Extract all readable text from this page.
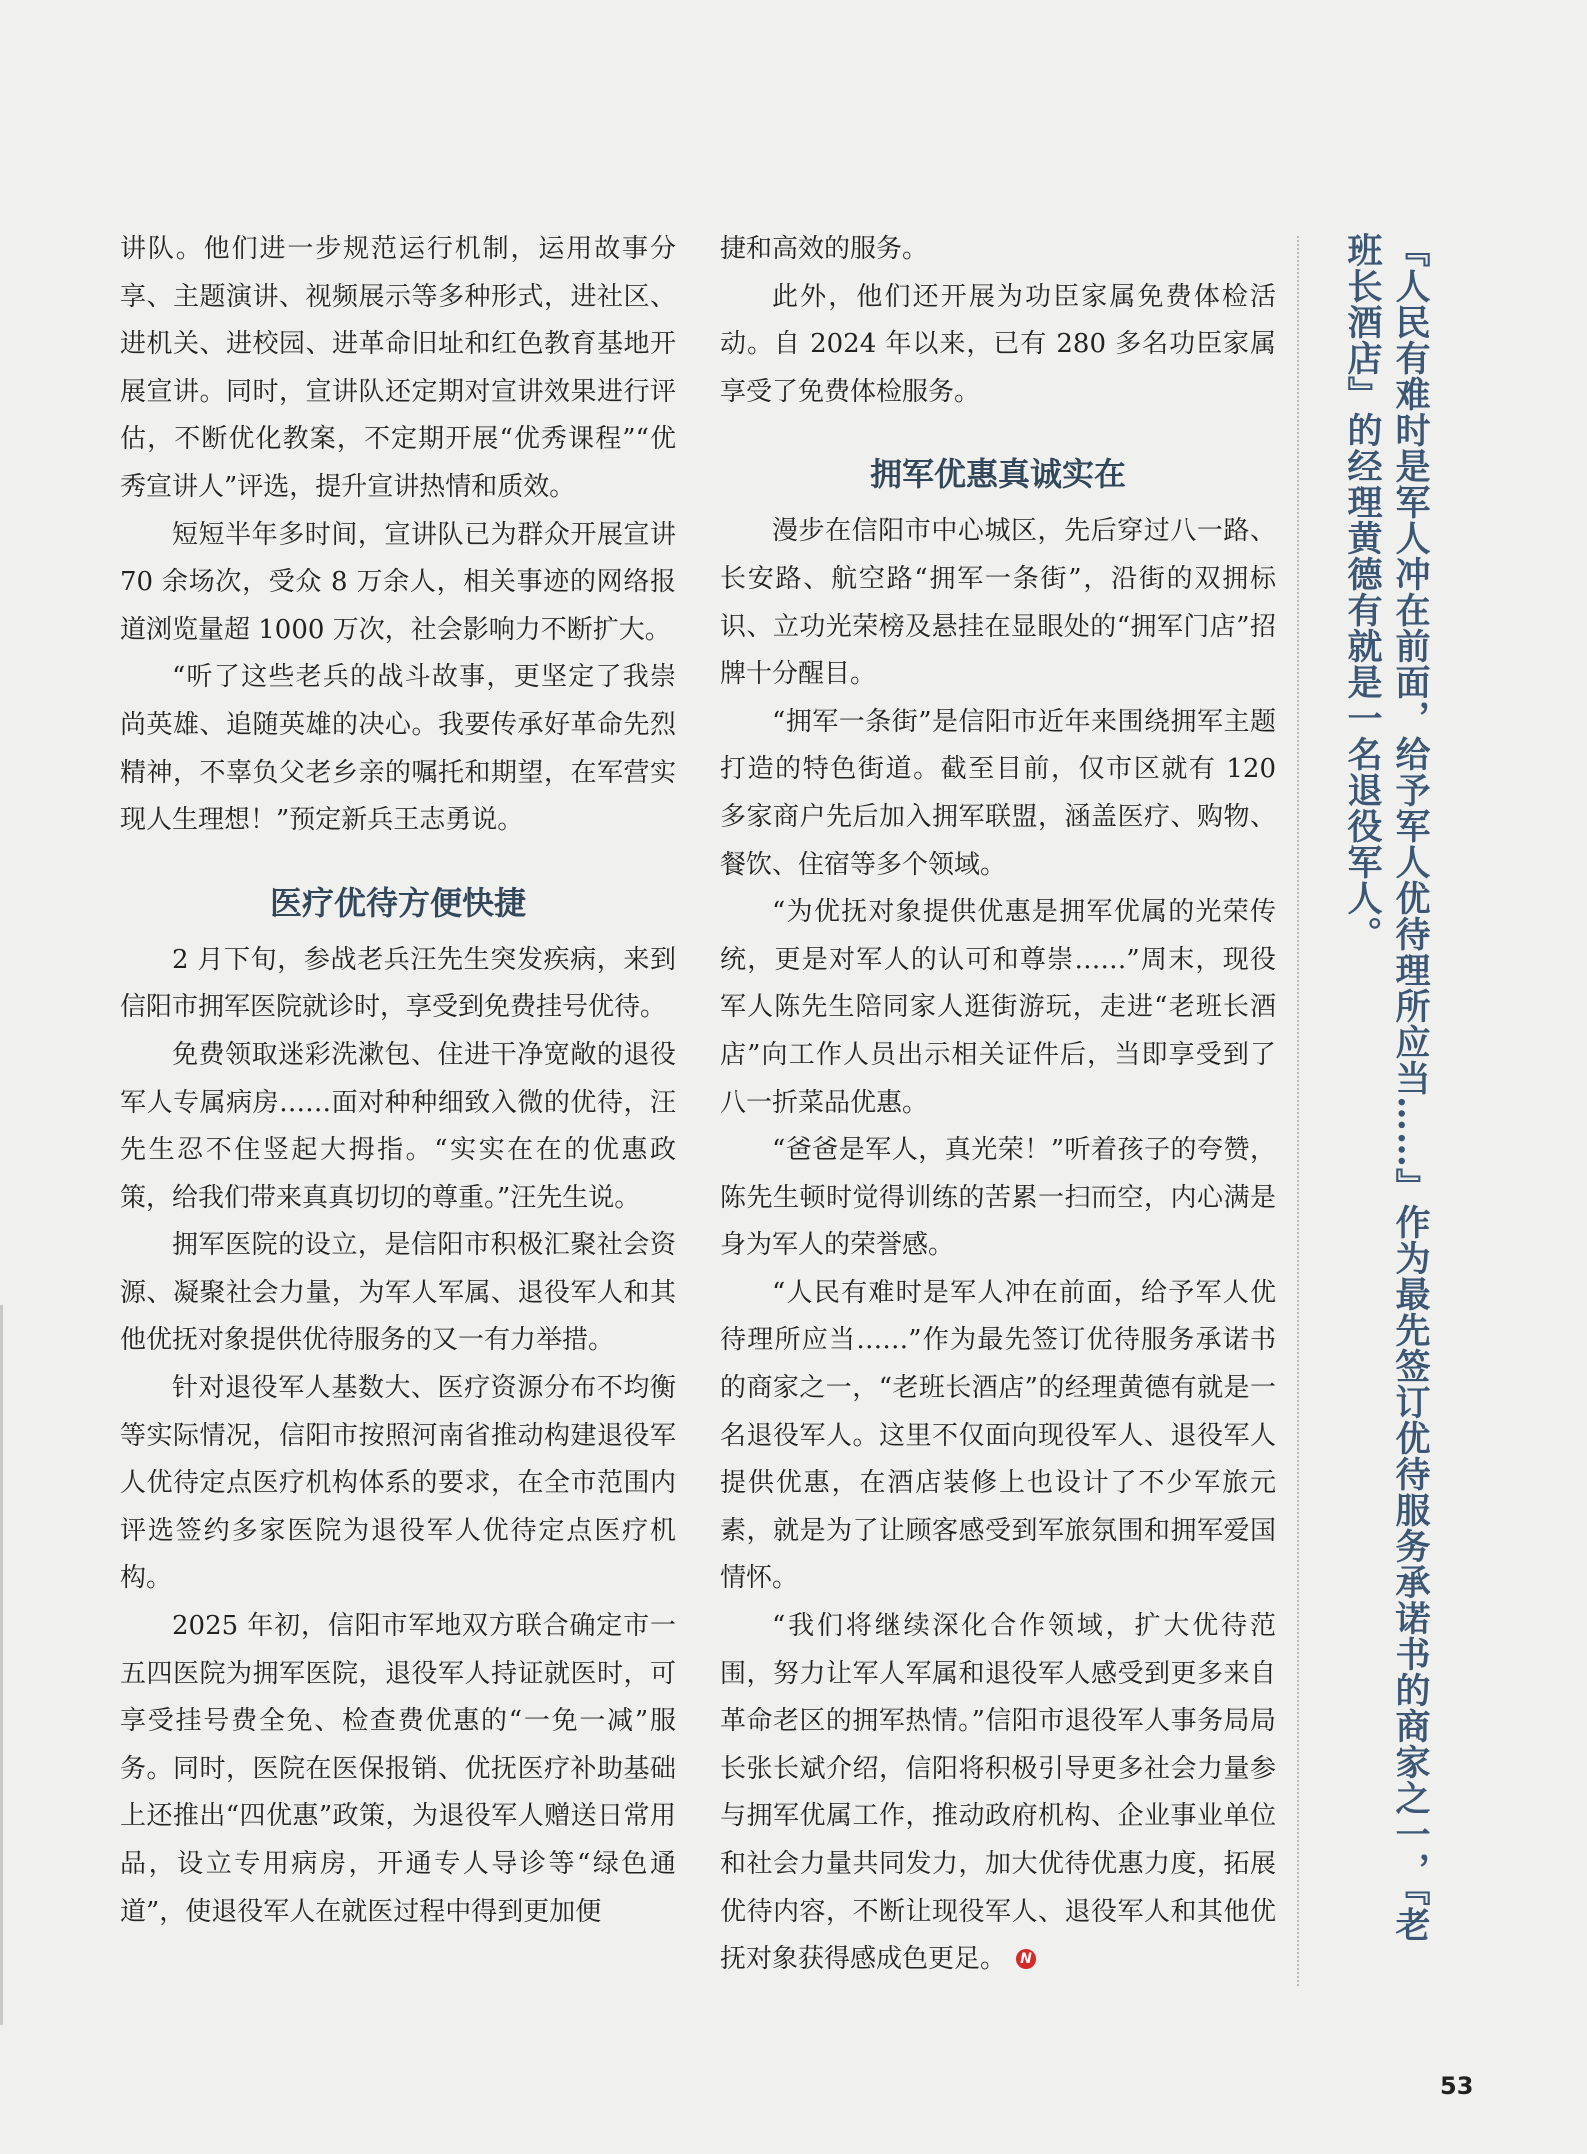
讲队。他们进一步规范运行机制，运用故事分享、主题演讲、视频展示等多种形式，进社区、进机关、进校园、进革命旧址和红色教育基地开展宣讲。同时，宣讲队还定期对宣讲效果进行评估，不断优化教案，不定期开展“优秀课程”“优秀宣讲人”评选，提升宣讲热情和质效。

短短半年多时间，宣讲队已为群众开展宣讲 70 余场次，受众 8 万余人，相关事迹的网络报道浏览量超 1000 万次，社会影响力不断扩大。

“听了这些老兵的战斗故事，更坚定了我崇尚英雄、追随英雄的决心。我要传承好革命先烈精神，不辜负父老乡亲的嘱托和期望，在军营实现人生理想！”预定新兵王志勇说。

医疗优待方便快捷

2 月下旬，参战老兵汪先生突发疾病，来到信阳市拥军医院就诊时，享受到免费挂号优待。

免费领取迷彩洗漱包、住进干净宽敞的退役军人专属病房……面对种种细致入微的优待，汪先生忍不住竖起大拇指。“实实在在的优惠政策，给我们带来真真切切的尊重。”汪先生说。

拥军医院的设立，是信阳市积极汇聚社会资源、凝聚社会力量，为军人军属、退役军人和其他优抚对象提供优待服务的又一有力举措。

针对退役军人基数大、医疗资源分布不均衡等实际情况，信阳市按照河南省推动构建退役军人优待定点医疗机构体系的要求，在全市范围内评选签约多家医院为退役军人优待定点医疗机构。

2025 年初，信阳市军地双方联合确定市一五四医院为拥军医院，退役军人持证就医时，可享受挂号费全免、检查费优惠的“一免一减”服务。同时，医院在医保报销、优抚医疗补助基础上还推出“四优惠”政策，为退役军人赠送日常用品，设立专用病房，开通专人导诊等“绿色通道”，使退役军人在就医过程中得到更加便

捷和高效的服务。

此外，他们还开展为功臣家属免费体检活动。自 2024 年以来，已有 280 多名功臣家属享受了免费体检服务。

拥军优惠真诚实在

漫步在信阳市中心城区，先后穿过八一路、长安路、航空路“拥军一条街”，沿街的双拥标识、立功光荣榜及悬挂在显眼处的“拥军门店”招牌十分醒目。

“拥军一条街”是信阳市近年来围绕拥军主题打造的特色街道。截至目前，仅市区就有 120 多家商户先后加入拥军联盟，涵盖医疗、购物、餐饮、住宿等多个领域。

“为优抚对象提供优惠是拥军优属的光荣传统，更是对军人的认可和尊崇……”周末，现役军人陈先生陪同家人逛街游玩，走进“老班长酒店”向工作人员出示相关证件后，当即享受到了八一折菜品优惠。

“爸爸是军人，真光荣！”听着孩子的夸赞，陈先生顿时觉得训练的苦累一扫而空，内心满是身为军人的荣誉感。

“人民有难时是军人冲在前面，给予军人优待理所应当……”作为最先签订优待服务承诺书的商家之一，“老班长酒店”的经理黄德有就是一名退役军人。这里不仅面向现役军人、退役军人提供优惠，在酒店装修上也设计了不少军旅元素，就是为了让顾客感受到军旅氛围和拥军爱国情怀。

“我们将继续深化合作领域，扩大优待范围，努力让军人军属和退役军人感受到更多来自革命老区的拥军热情。”信阳市退役军人事务局局长张长斌介绍，信阳将积极引导更多社会力量参与拥军优属工作，推动政府机构、企业事业单位和社会力量共同发力，加大优待优惠力度，拓展优待内容，不断让现役军人、退役军人和其他优抚对象获得感成色更足。N

『人民有难时是军人冲在前面，给予军人优待理所应当……』作为最先签订优待服务承诺书的商家之一，『老班长酒店』的经理黄德有就是一名退役军人。
53
